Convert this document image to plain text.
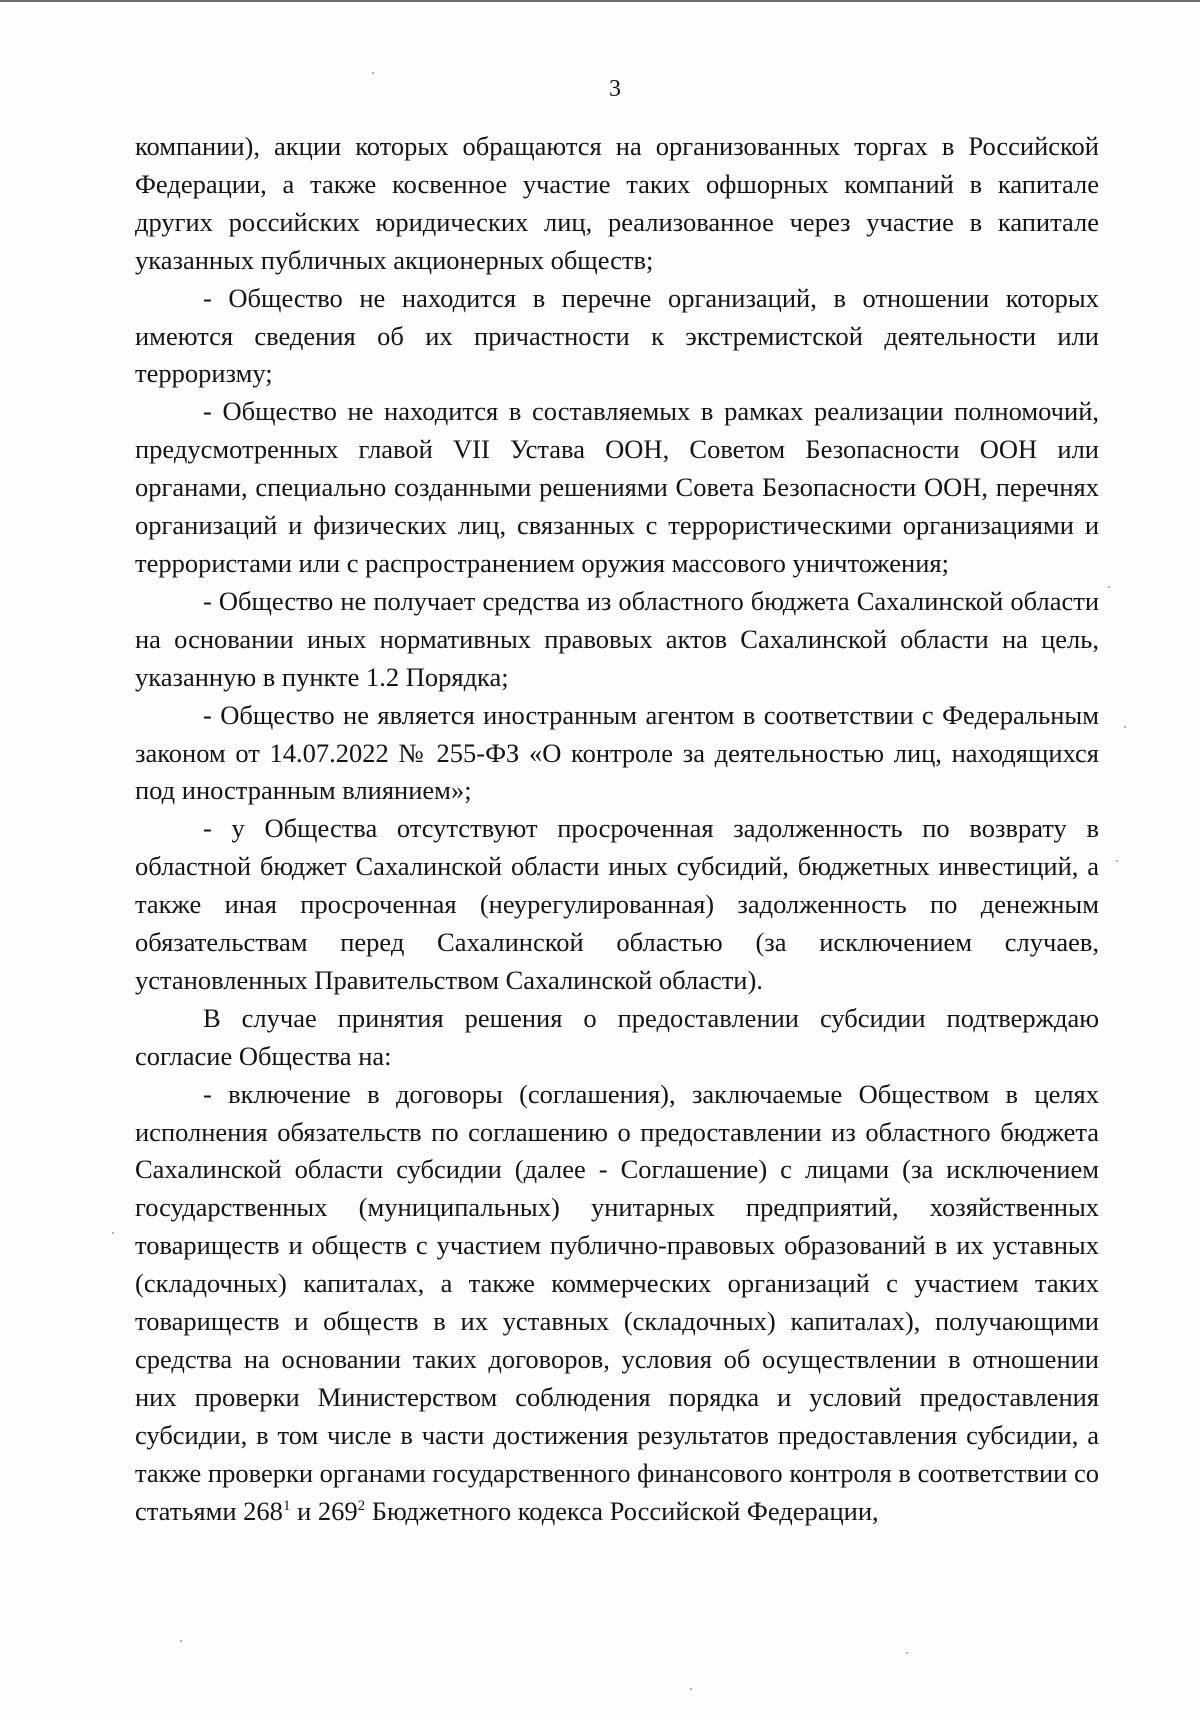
3

компании), акции которых обращаются на организованных торгах в Российской Федерации, а также косвенное участие таких офшорных компаний в капитале других российских юридических лиц, реализованное через участие в капитале указанных публичных акционерных обществ;

- Общество не находится в перечне организаций, в отношении которых имеются сведения об их причастности к экстремистской деятельности или терроризму;

- Общество не находится в составляемых в рамках реализации полномочий, предусмотренных главой VII Устава ООН, Советом Безопасности ООН или органами, специально созданными решениями Совета Безопасности ООН, перечнях организаций и физических лиц, связанных с террористическими организациями и террористами или с распространением оружия массового уничтожения;

- Общество не получает средства из областного бюджета Сахалинской области на основании иных нормативных правовых актов Сахалинской области на цель, указанную в пункте 1.2 Порядка;

- Общество не является иностранным агентом в соответствии с Федеральным законом от 14.07.2022 № 255-ФЗ «О контроле за деятельностью лиц, находящихся под иностранным влиянием»;

- у Общества отсутствуют просроченная задолженность по возврату в областной бюджет Сахалинской области иных субсидий, бюджетных инвестиций, а также иная просроченная (неурегулированная) задолженность по денежным обязательствам перед Сахалинской областью (за исключением случаев, установленных Правительством Сахалинской области).

В случае принятия решения о предоставлении субсидии подтверждаю согласие Общества на:

- включение в договоры (соглашения), заключаемые Обществом в целях исполнения обязательств по соглашению о предоставлении из областного бюджета Сахалинской области субсидии (далее - Соглашение) с лицами (за исключением государственных (муниципальных) унитарных предприятий, хозяйственных товариществ и обществ с участием публично-правовых образований в их уставных (складочных) капиталах, а также коммерческих организаций с участием таких товариществ и обществ в их уставных (складочных) капиталах), получающими средства на основании таких договоров, условия об осуществлении в отношении них проверки Министерством соблюдения порядка и условий предоставления субсидии, в том числе в части достижения результатов предоставления субсидии, а также проверки органами государственного финансового контроля в соответствии со статьями $268^1$ и $269^2$ Бюджетного кодекса Российской Федерации,
